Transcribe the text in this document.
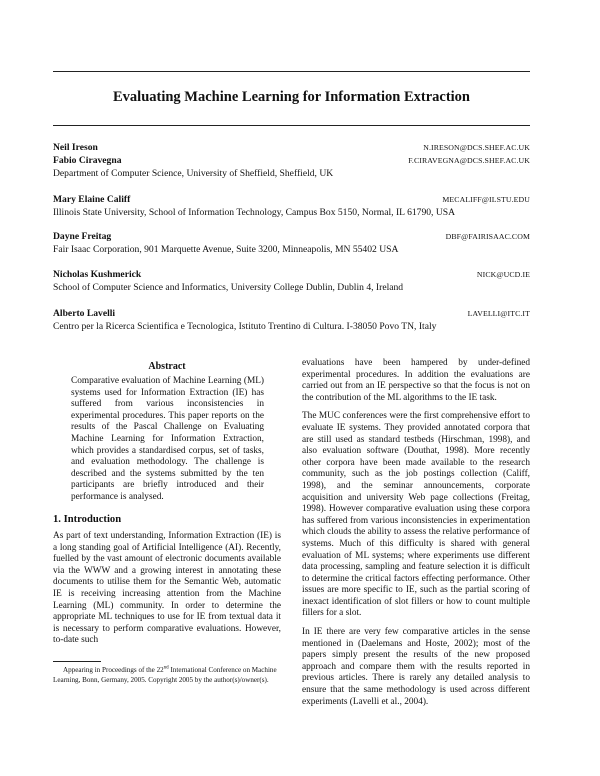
Evaluating Machine Learning for Information Extraction
Neil Ireson	N.IRESON@DCS.SHEF.AC.UK
Fabio Ciravegna	F.CIRAVEGNA@DCS.SHEF.AC.UK
Department of Computer Science, University of Sheffield, Sheffield, UK
Mary Elaine Califf	MECALIFF@ILSTU.EDU
Illinois State University, School of Information Technology, Campus Box 5150, Normal, IL 61790, USA
Dayne Freitag	DBF@FAIRISAAC.COM
Fair Isaac Corporation, 901 Marquette Avenue, Suite 3200, Minneapolis, MN 55402 USA
Nicholas Kushmerick	NICK@UCD.IE
School of Computer Science and Informatics, University College Dublin, Dublin 4, Ireland
Alberto Lavelli	LAVELLI@ITC.IT
Centro per la Ricerca Scientifica e Tecnologica, Istituto Trentino di Cultura. I-38050 Povo TN, Italy
Abstract
Comparative evaluation of Machine Learning (ML) systems used for Information Extraction (IE) has suffered from various inconsistencies in experimental procedures. This paper reports on the results of the Pascal Challenge on Evaluating Machine Learning for Information Extraction, which provides a standardised corpus, set of tasks, and evaluation methodology. The challenge is described and the systems submitted by the ten participants are briefly introduced and their performance is analysed.
1. Introduction
As part of text understanding, Information Extraction (IE) is a long standing goal of Artificial Intelligence (AI). Recently, fuelled by the vast amount of electronic documents available via the WWW and a growing interest in annotating these documents to utilise them for the Semantic Web, automatic IE is receiving increasing attention from the Machine Learning (ML) community. In order to determine the appropriate ML techniques to use for IE from textual data it is necessary to perform comparative evaluations. However, to-date such

evaluations have been hampered by under-defined experimental procedures. In addition the evaluations are carried out from an IE perspective so that the focus is not on the contribution of the ML algorithms to the IE task.

The MUC conferences were the first comprehensive effort to evaluate IE systems. They provided annotated corpora that are still used as standard testbeds (Hirschman, 1998), and also evaluation software (Douthat, 1998). More recently other corpora have been made available to the research community, such as the job postings collection (Califf, 1998), and the seminar announcements, corporate acquisition and university Web page collections (Freitag, 1998). However comparative evaluation using these corpora has suffered from various inconsistencies in experimentation which clouds the ability to assess the relative performance of systems. Much of this difficulty is shared with general evaluation of ML systems; where experiments use different data processing, sampling and feature selection it is difficult to determine the critical factors effecting performance. Other issues are more specific to IE, such as the partial scoring of inexact identification of slot fillers or how to count multiple fillers for a slot.

In IE there are very few comparative articles in the sense mentioned in (Daelemans and Hoste, 2002); most of the papers simply present the results of the new proposed approach and compare them with the results reported in previous articles. There is rarely any detailed analysis to ensure that the same methodology is used across different experiments (Lavelli et al., 2004).

Appearing in Proceedings of the 22nd International Conference on Machine Learning, Bonn, Germany, 2005. Copyright 2005 by the author(s)/owner(s).
